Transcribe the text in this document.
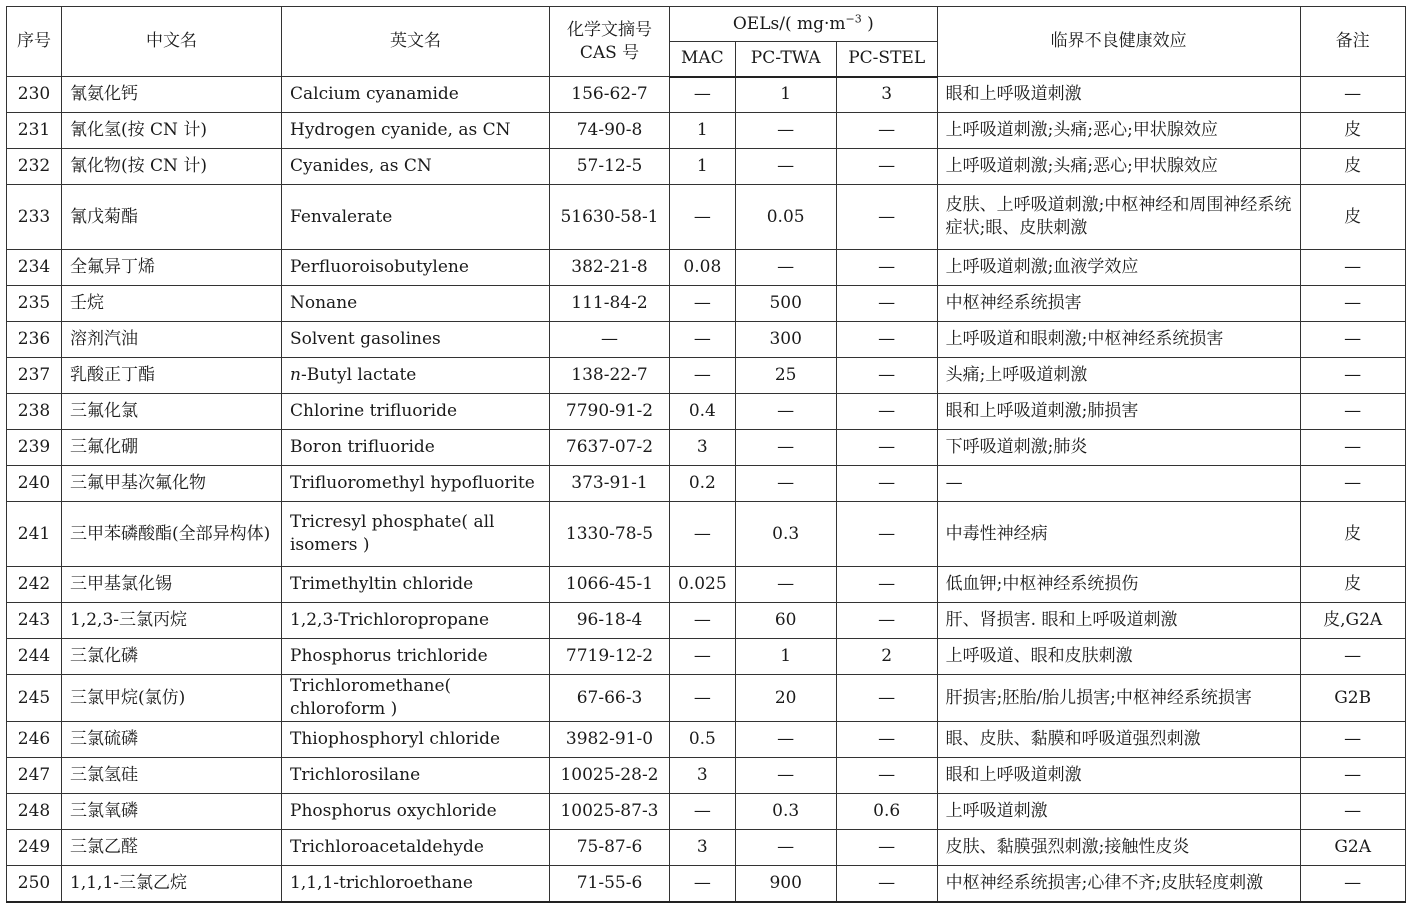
序号	中文名	英文名	化学文摘号
CAS 号	OELs/( $mg\cdot m^{-3}$ )			临界不良健康效应	备注
				MAC	PC-TWA	PC-STEL		
230	氰氨化钙	Calcium cyanamide	156-62-7	—	1	3	眼和上呼吸道刺激	—
231	氰化氢(按 CN 计)	Hydrogen cyanide, as CN	74-90-8	1	—	—	上呼吸道刺激;头痛;恶心;甲状腺效应	皮
232	氰化物(按 CN 计)	Cyanides, as CN	57-12-5	1	—	—	上呼吸道刺激;头痛;恶心;甲状腺效应	皮
233	氰戊菊酯	Fenvalerate	51630-58-1	—	0.05	—	皮肤、上呼吸道刺激;中枢神经和周围神经系统症状;眼、皮肤刺激	皮
234	全氟异丁烯	Perfluoroisobutylene	382-21-8	0.08	—	—	上呼吸道刺激;血液学效应	—
235	壬烷	Nonane	111-84-2	—	500	—	中枢神经系统损害	—
236	溶剂汽油	Solvent gasolines	—	—	300	—	上呼吸道和眼刺激;中枢神经系统损害	—
237	乳酸正丁酯	n-Butyl lactate	138-22-7	—	25	—	头痛;上呼吸道刺激	—
238	三氟化氯	Chlorine trifluoride	7790-91-2	0.4	—	—	眼和上呼吸道刺激;肺损害	—
239	三氟化硼	Boron trifluoride	7637-07-2	3	—	—	下呼吸道刺激;肺炎	—
240	三氟甲基次氟化物	Trifluoromethyl hypofluorite	373-91-1	0.2	—	—	—	—
241	三甲苯磷酸酯(全部异构体)	Tricresyl phosphate( all isomers )	1330-78-5	—	0.3	—	中毒性神经病	皮
242	三甲基氯化锡	Trimethyltin chloride	1066-45-1	0.025	—	—	低血钾;中枢神经系统损伤	皮
243	1,2,3-三氯丙烷	1,2,3-Trichloropropane	96-18-4	—	60	—	肝、肾损害. 眼和上呼吸道刺激	皮,G2A
244	三氯化磷	Phosphorus trichloride	7719-12-2	—	1	2	上呼吸道、眼和皮肤刺激	—
245	三氯甲烷(氯仿)	Trichloromethane( chloroform )	67-66-3	—	20	—	肝损害;胚胎/胎儿损害;中枢神经系统损害	G2B
246	三氯硫磷	Thiophosphoryl chloride	3982-91-0	0.5	—	—	眼、皮肤、黏膜和呼吸道强烈刺激	—
247	三氯氢硅	Trichlorosilane	10025-28-2	3	—	—	眼和上呼吸道刺激	—
248	三氯氧磷	Phosphorus oxychloride	10025-87-3	—	0.3	0.6	上呼吸道刺激	—
249	三氯乙醛	Trichloroacetaldehyde	75-87-6	3	—	—	皮肤、黏膜强烈刺激;接触性皮炎	G2A
250	1,1,1-三氯乙烷	1,1,1-trichloroethane	71-55-6	—	900	—	中枢神经系统损害;心律不齐;皮肤轻度刺激	—
